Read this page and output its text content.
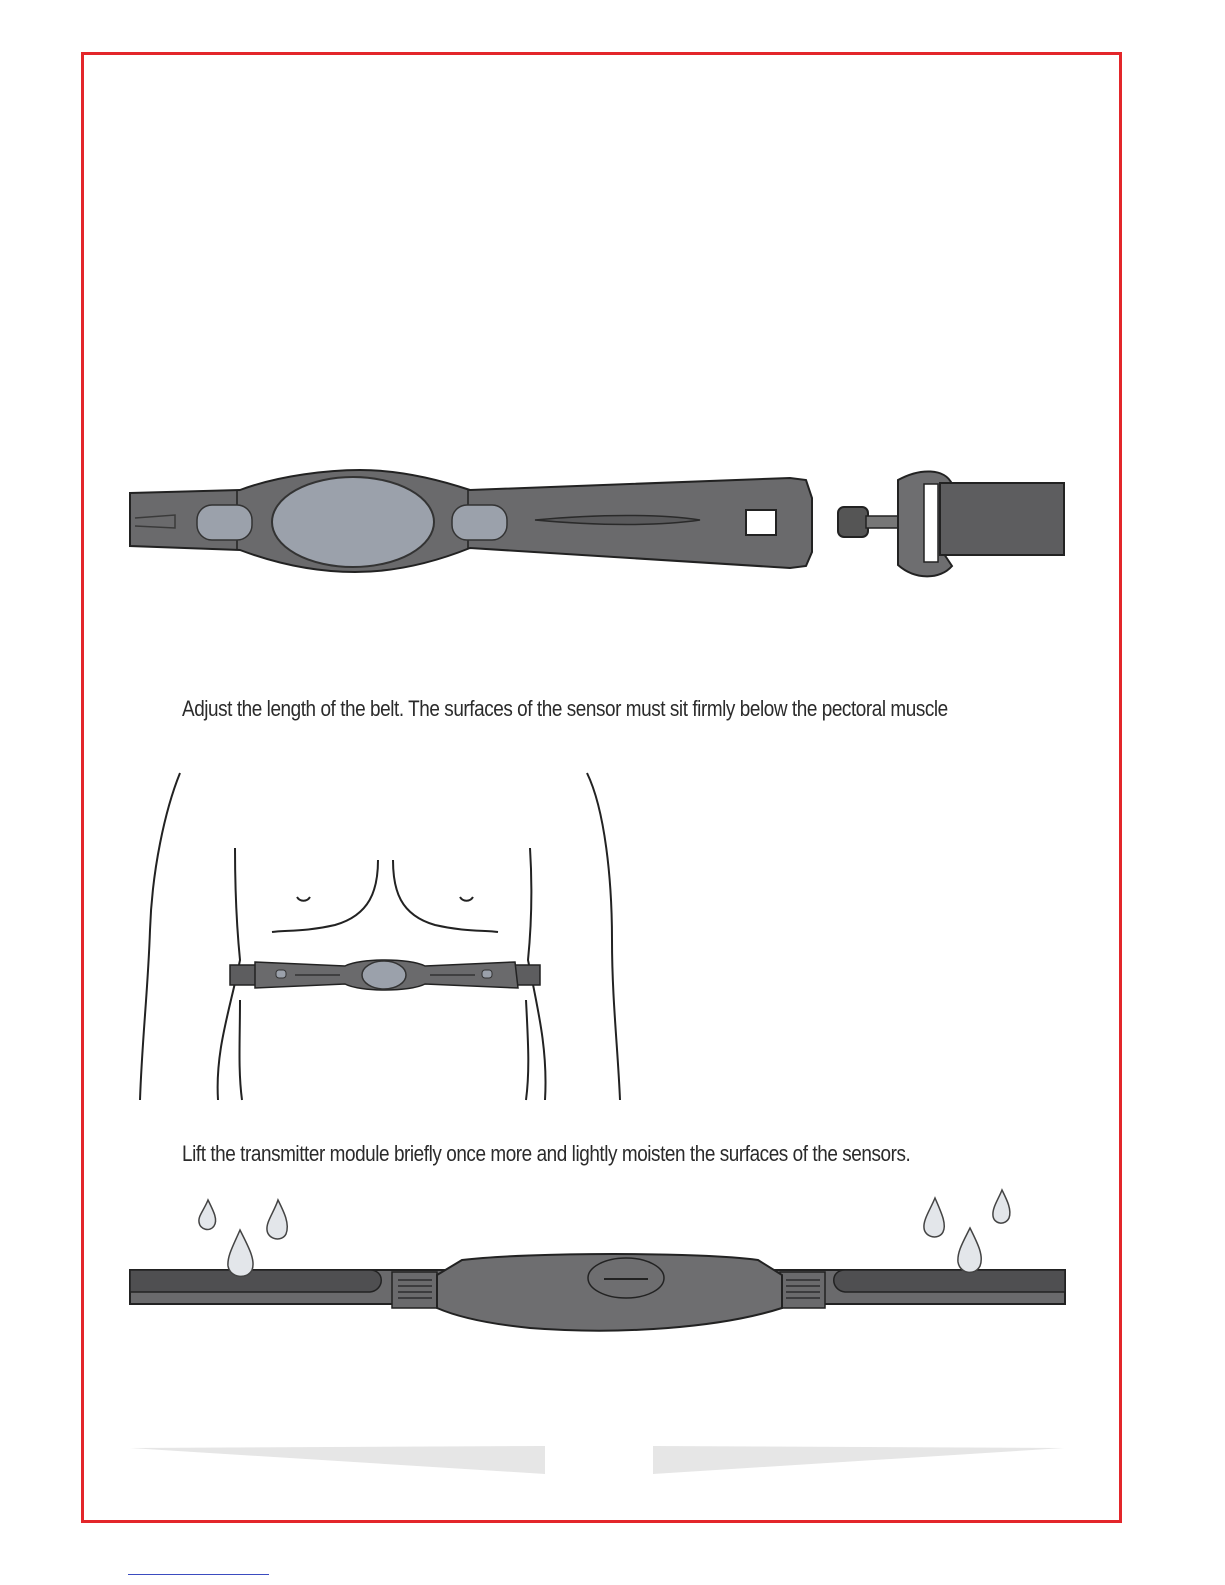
Adjust the length of the belt. The surfaces of the sensor must sit firmly below the pectoral muscle
Lift the transmitter module briefly once more and lightly moisten the surfaces of the sensors.
